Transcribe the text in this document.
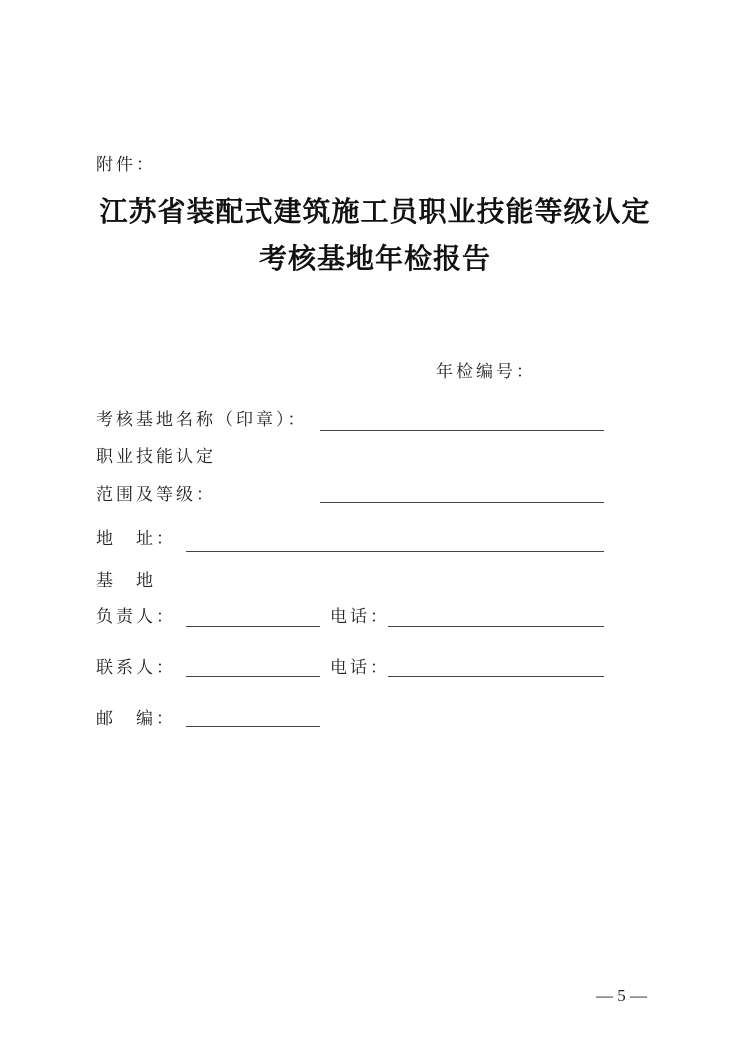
附件：
江苏省装配式建筑施工员职业技能等级认定
考核基地年检报告
年检编号：
考核基地名称（印章）：
职业技能认定
范围及等级：
地　址：
基　地
负责人：	电话：
联系人：	电话：
邮　编：
— 5 —
